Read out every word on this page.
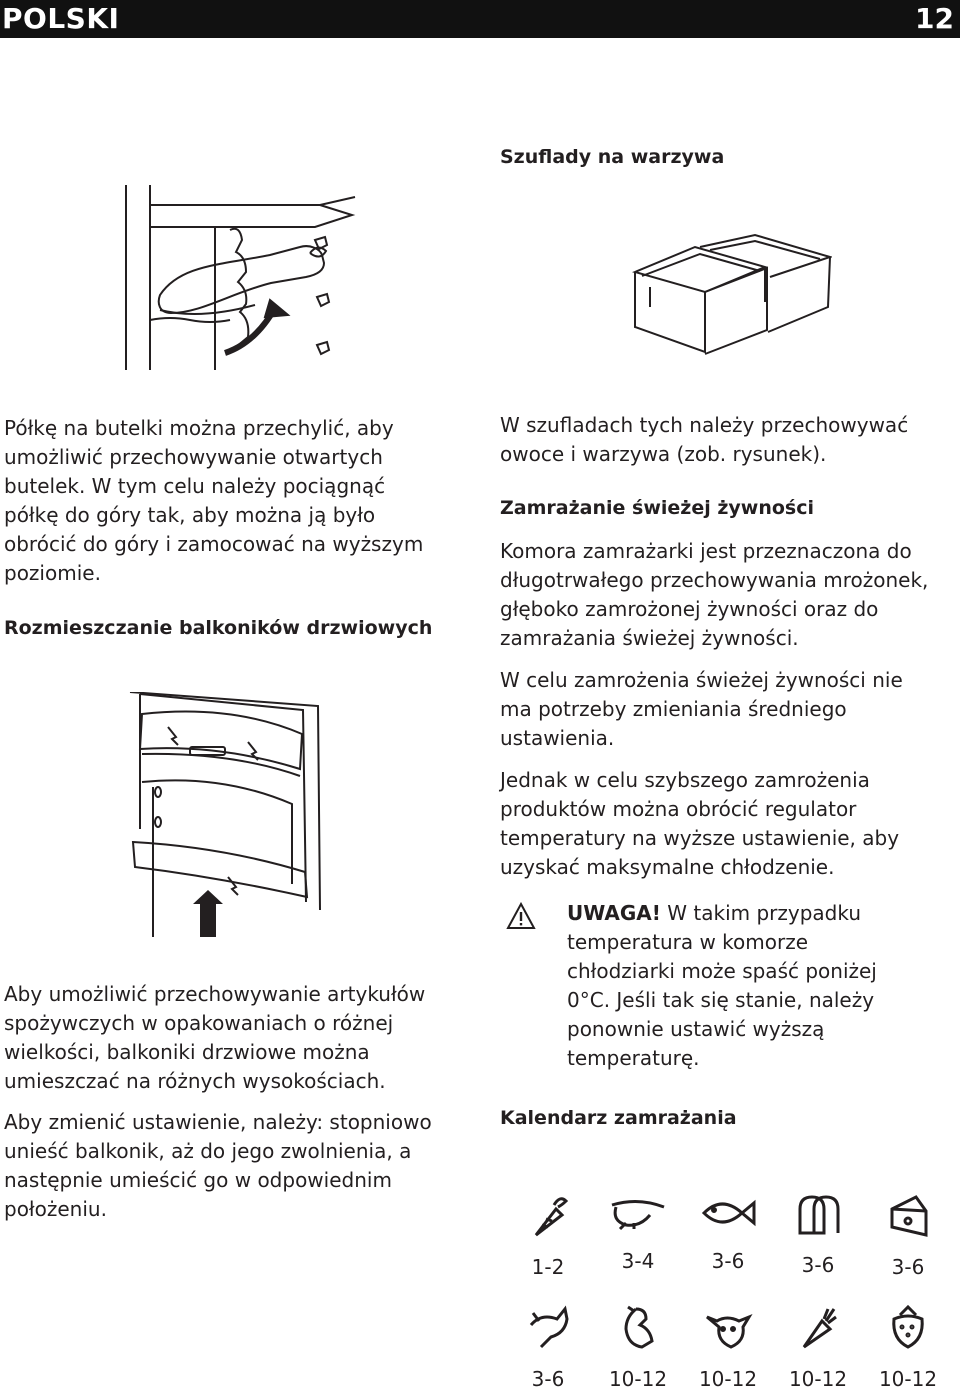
POLSKI	12

Półkę na butelki można przechylić, aby umożliwić przechowywanie otwartych butelek. W tym celu należy pociągnąć półkę do góry tak, aby można ją było obrócić do góry i zamocować na wyższym poziomie.

Rozmieszczanie balkoników drzwiowych

Aby umożliwić przechowywanie artykułów spożywczych w opakowaniach o różnej wielkości, balkoniki drzwiowe można umieszczać na różnych wysokościach.

Aby zmienić ustawienie, należy: stopniowo unieść balkonik, aż do jego zwolnienia, a następnie umieścić go w odpowiednim położeniu.

Szuflady na warzywa

W szufladach tych należy przechowywać owoce i warzywa (zob. rysunek).

Zamrażanie świeżej żywności

Komora zamrażarki jest przeznaczona do długotrwałego przechowywania mrożonek, głęboko zamrożonej żywności oraz do zamrażania świeżej żywności.

W celu zamrożenia świeżej żywności nie ma potrzeby zmieniania średniego ustawienia.

Jednak w celu szybszego zamrożenia produktów można obrócić regulator temperatury na wyższe ustawienie, aby uzyskać maksymalne chłodzenie.

UWAGA! W takim przypadku temperatura w komorze chłodziarki może spaść poniżej 0°C. Jeśli tak się stanie, należy ponownie ustawić wyższą temperaturę.

Kalendarz zamrażania
1-2	3-4	3-6	3-6	3-6
3-6	10-12	10-12	10-12	10-12
